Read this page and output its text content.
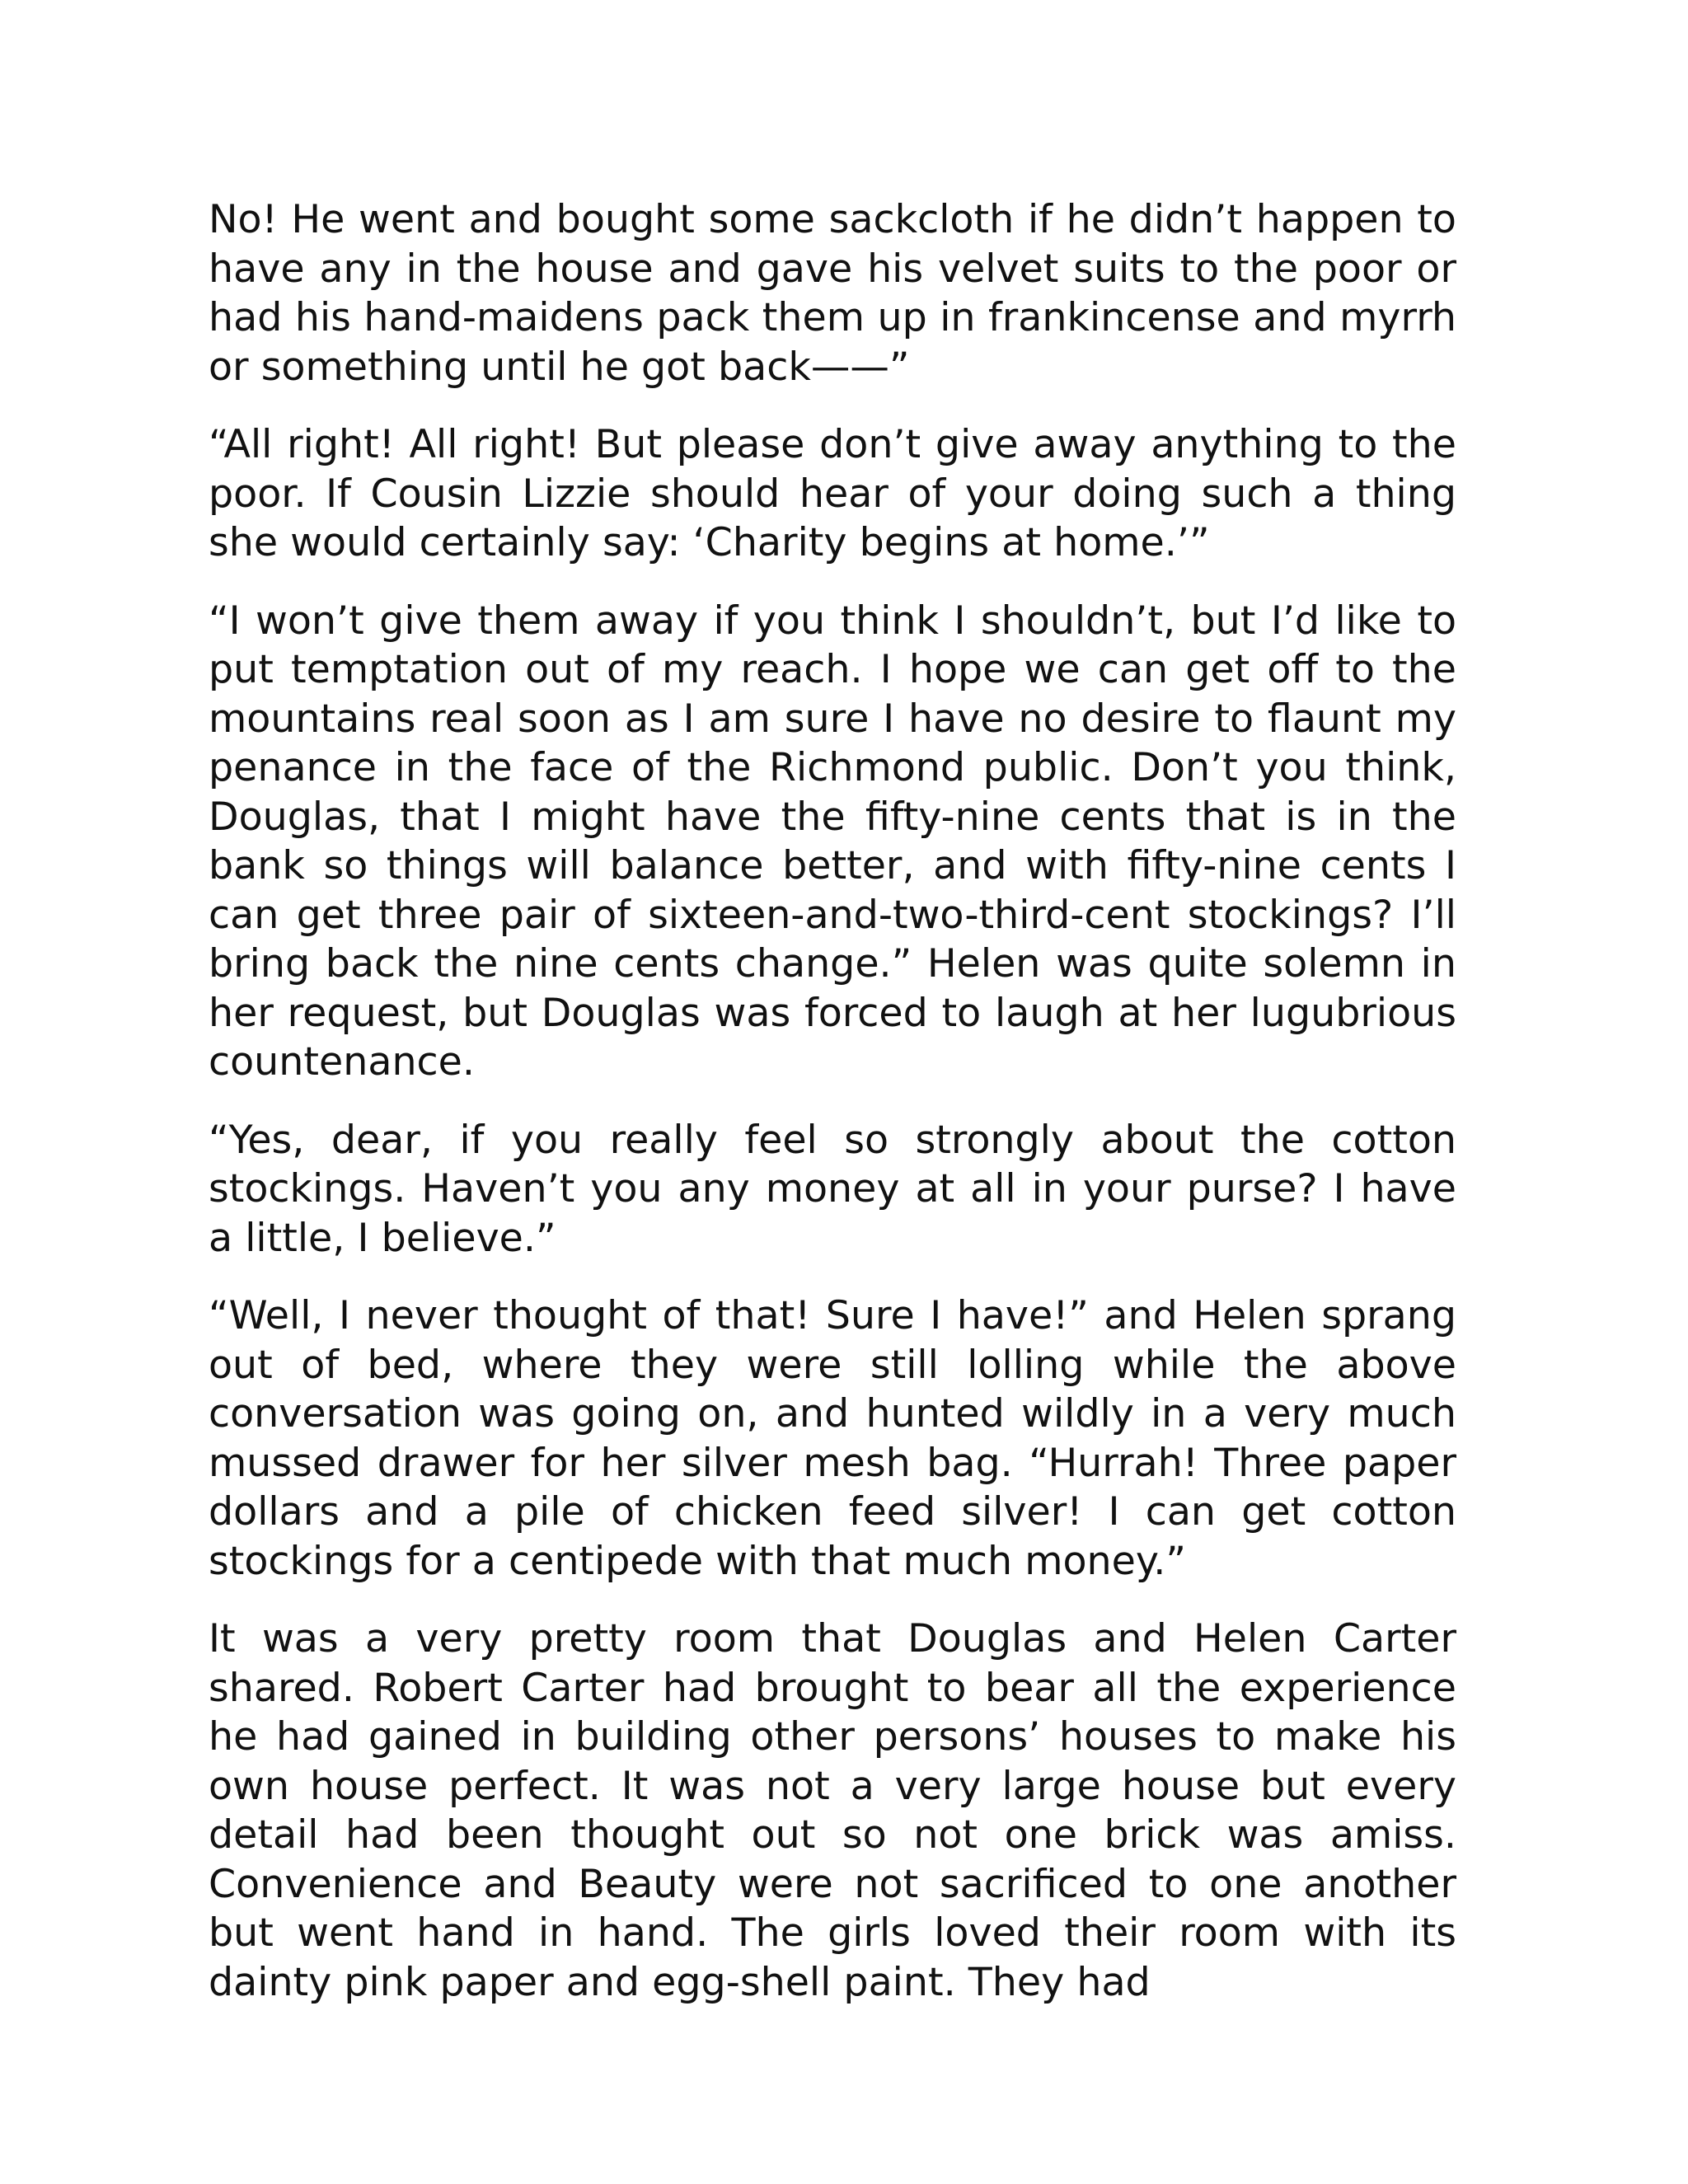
No! He went and bought some sackcloth if he didn’t happen to have any in the house and gave his velvet suits to the poor or had his hand-maidens pack them up in frankincense and myrrh or something until he got back——”

“All right! All right! But please don’t give away anything to the poor. If Cousin Lizzie should hear of your doing such a thing she would certainly say: ‘Charity begins at home.’”

“I won’t give them away if you think I shouldn’t, but I’d like to put temptation out of my reach. I hope we can get off to the mountains real soon as I am sure I have no desire to flaunt my penance in the face of the Richmond public. Don’t you think, Douglas, that I might have the fifty-nine cents that is in the bank so things will balance better, and with fifty-nine cents I can get three pair of sixteen-and-two-third-cent stockings? I’ll bring back the nine cents change.” Helen was quite solemn in her request, but Douglas was forced to laugh at her lugubrious countenance.

“Yes, dear, if you really feel so strongly about the cotton stockings. Haven’t you any money at all in your purse? I have a little, I believe.”

“Well, I never thought of that! Sure I have!” and Helen sprang out of bed, where they were still lolling while the above conversation was going on, and hunted wildly in a very much mussed drawer for her silver mesh bag. “Hurrah! Three paper dollars and a pile of chicken feed silver! I can get cotton stockings for a centipede with that much money.”

It was a very pretty room that Douglas and Helen Carter shared. Robert Carter had brought to bear all the experience he had gained in building other persons’ houses to make his own house perfect. It was not a very large house but every detail had been thought out so not one brick was amiss. Convenience and Beauty were not sacrificed to one another but went hand in hand. The girls loved their room with its dainty pink paper and egg-shell paint. They had
